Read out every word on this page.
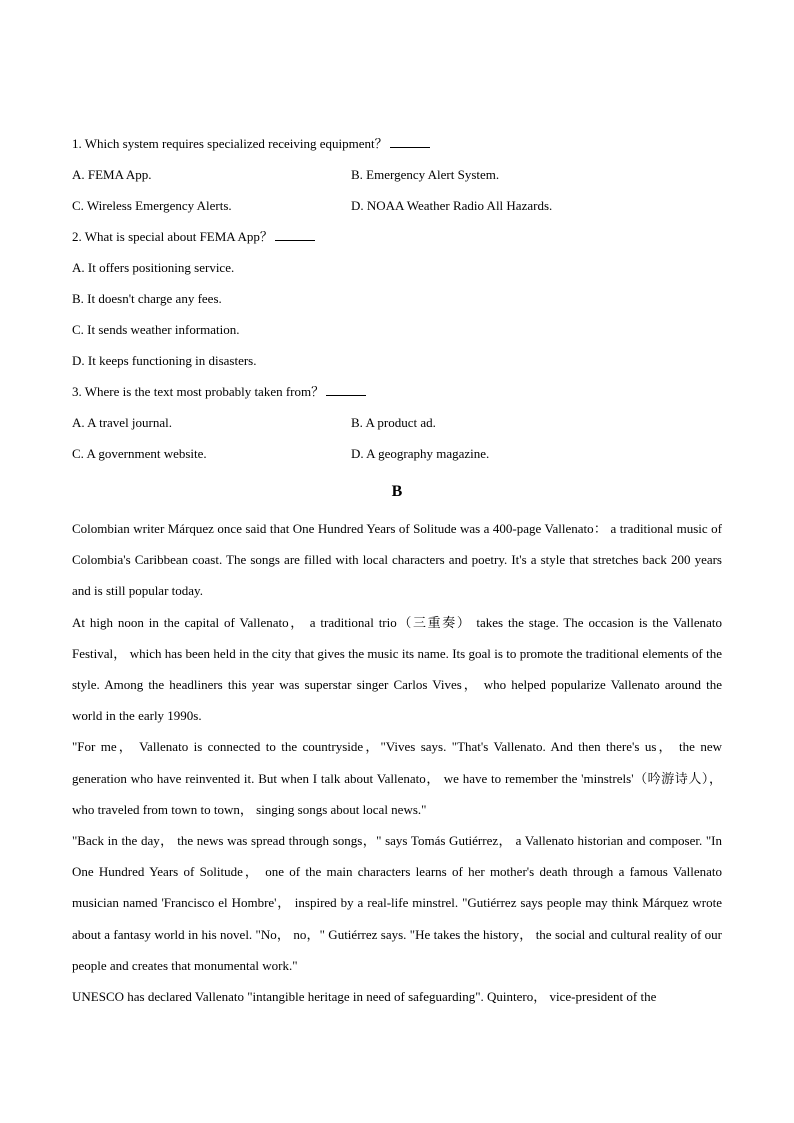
1. Which system requires specialized receiving equipment？
A. FEMA App.	B. Emergency Alert System.
C. Wireless Emergency Alerts.	D. NOAA Weather Radio All Hazards.
2. What is special about FEMA App？
A. It offers positioning service.
B. It doesn't charge any fees.
C. It sends weather information.
D. It keeps functioning in disasters.
3. Where is the text most probably taken from？
A. A travel journal.	B. A product ad.
C. A government website.	D. A geography magazine.
B

Colombian writer Márquez once said that One Hundred Years of Solitude was a 400-page Vallenato： a traditional music of Colombia's Caribbean coast. The songs are filled with local characters and poetry. It's a style that stretches back 200 years and is still popular today.

At high noon in the capital of Vallenato， a traditional trio（三重奏） takes the stage. The occasion is the Vallenato Festival， which has been held in the city that gives the music its name. Its goal is to promote the traditional elements of the style. Among the headliners this year was superstar singer Carlos Vives， who helped popularize Vallenato around the world in the early 1990s.

"For me， Vallenato is connected to the countryside，"Vives says. "That's Vallenato. And then there's us， the new generation who have reinvented it. But when I talk about Vallenato， we have to remember the 'minstrels'（吟游诗人）， who traveled from town to town， singing songs about local news."

"Back in the day， the news was spread through songs，" says Tomás Gutiérrez， a Vallenato historian and composer. "In One Hundred Years of Solitude， one of the main characters learns of her mother's death through a famous Vallenato musician named 'Francisco el Hombre'， inspired by a real-life minstrel. "Gutiérrez says people may think Márquez wrote about a fantasy world in his novel. "No， no，" Gutiérrez says. "He takes the history， the social and cultural reality of our people and creates that monumental work."

UNESCO has declared Vallenato "intangible heritage in need of safeguarding". Quintero， vice-president of the
